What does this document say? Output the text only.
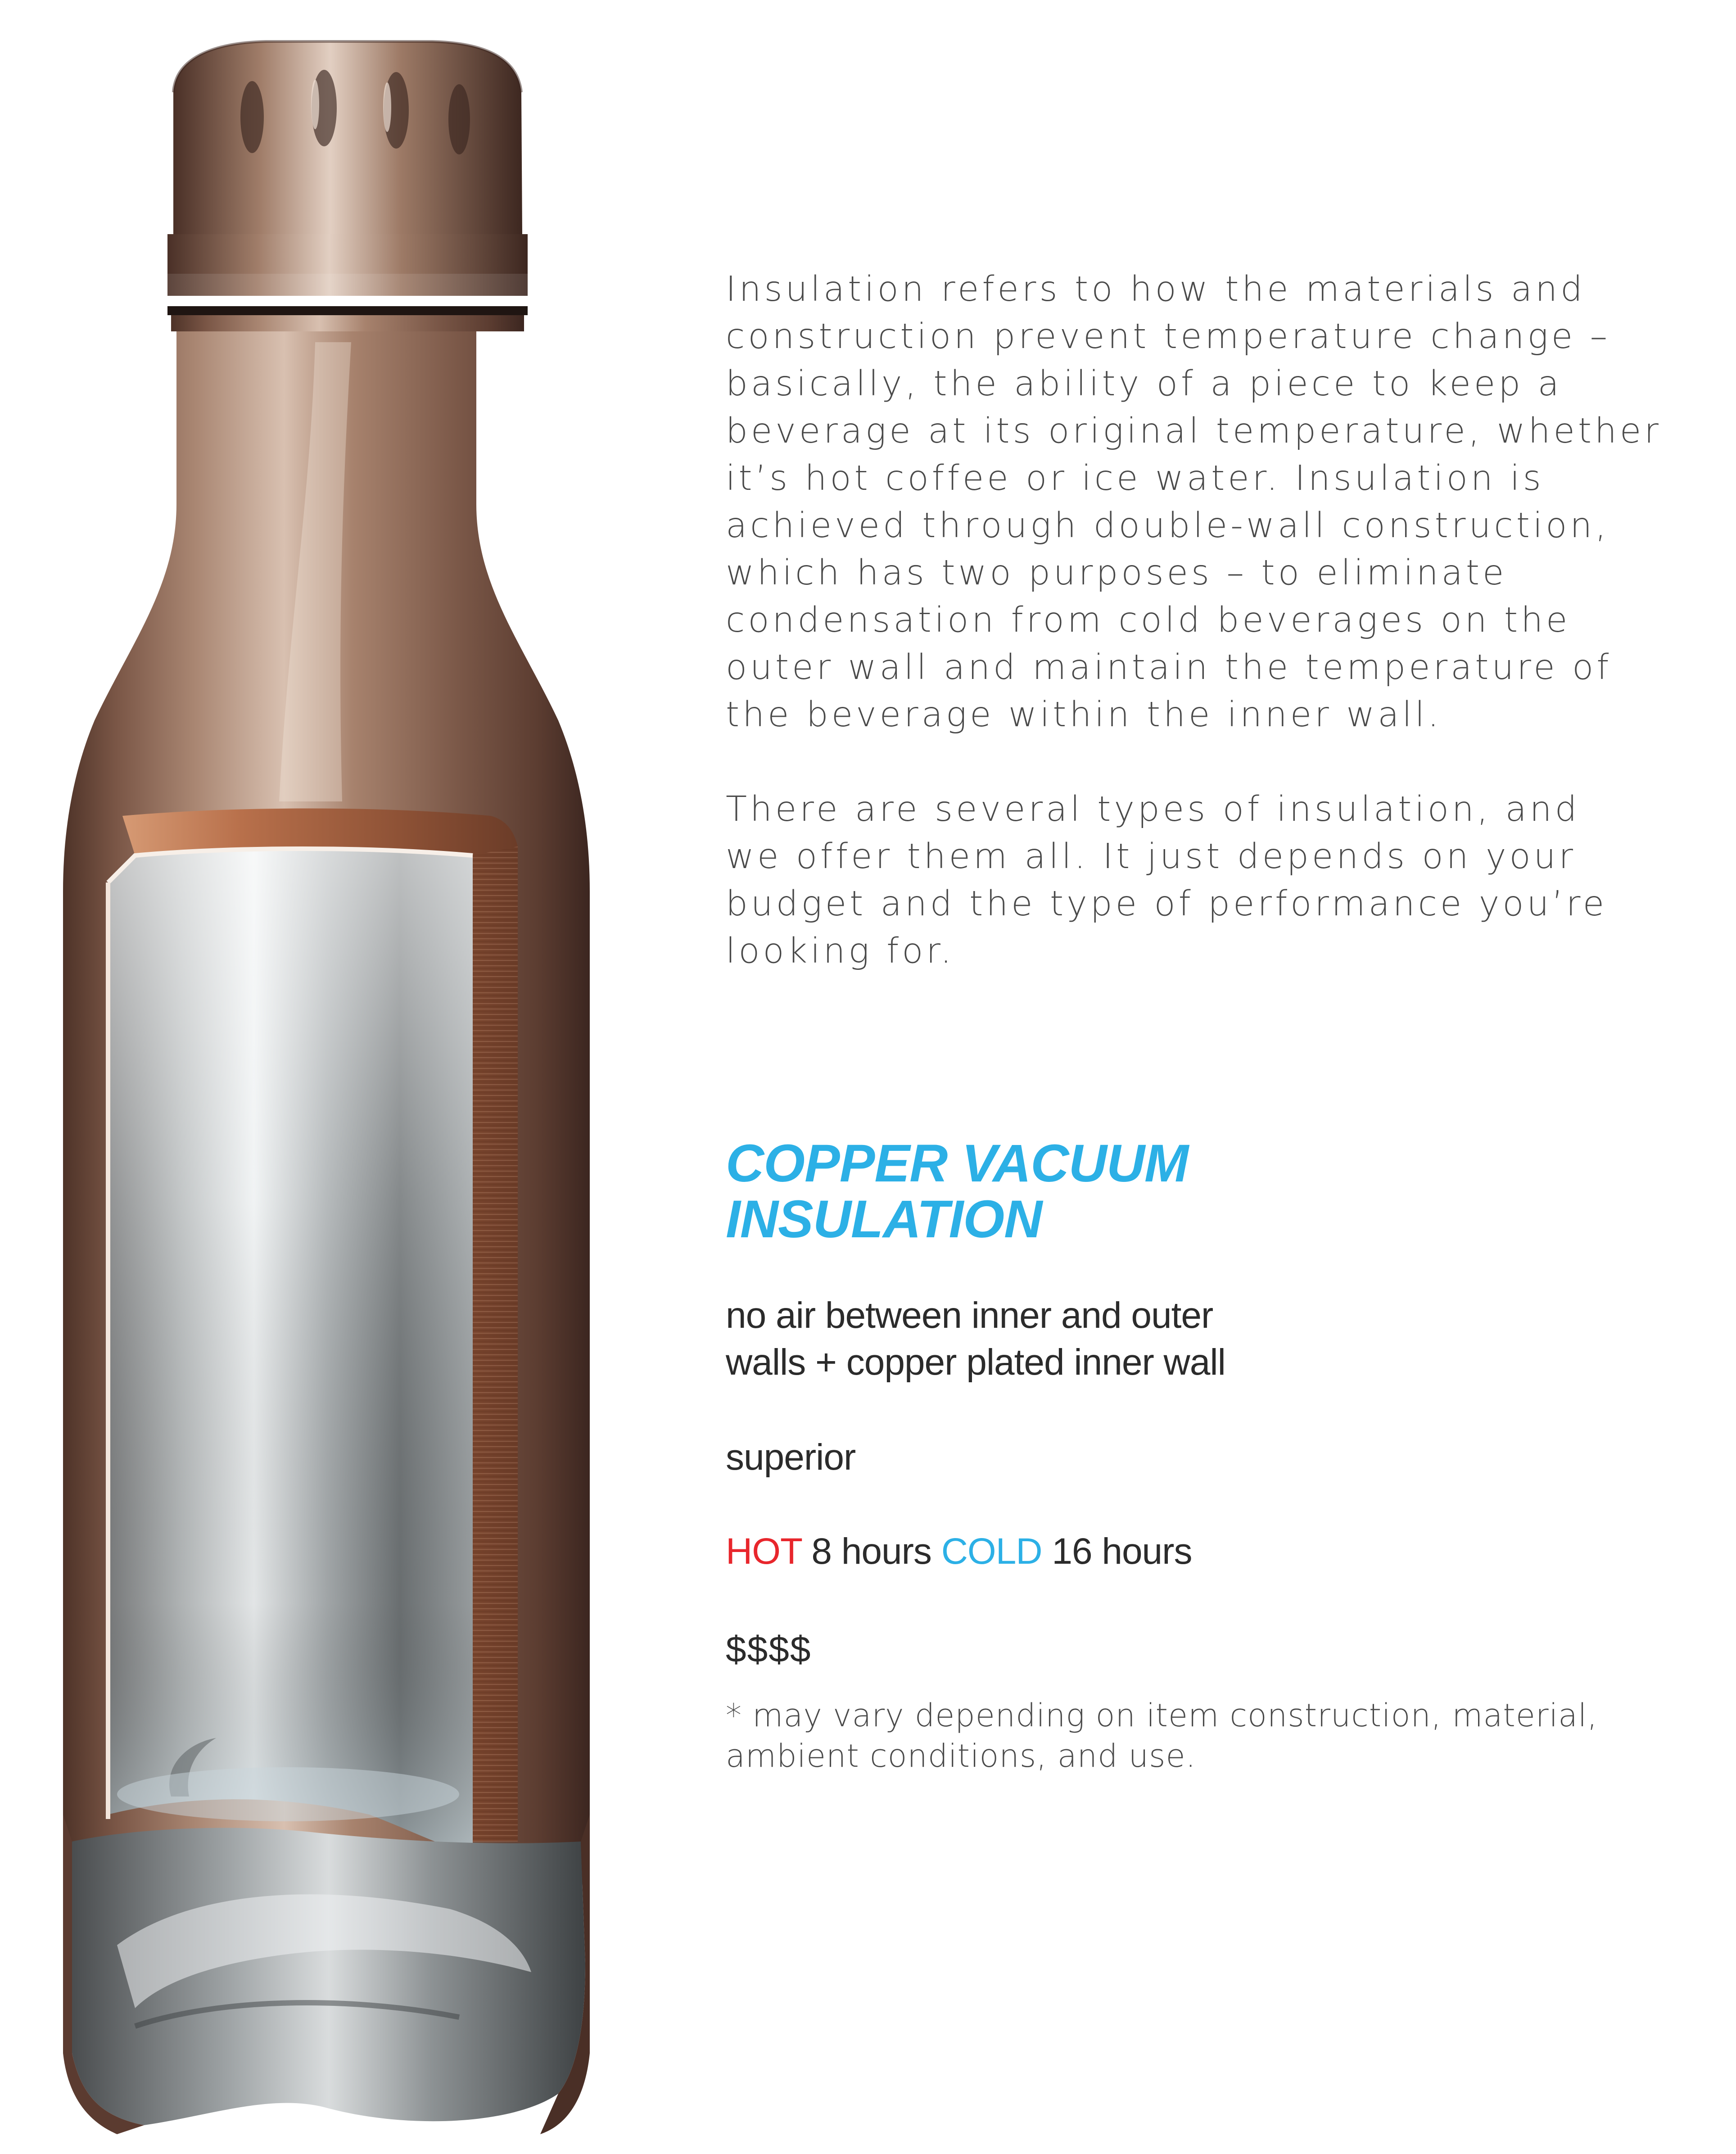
Insulation refers to how the materials and
construction prevent temperature change –
basically, the ability of a piece to keep a
beverage at its original temperature, whether
it’s hot coffee or ice water. Insulation is
achieved through double-wall construction,
which has two purposes – to eliminate
condensation from cold beverages on the
outer wall and maintain the temperature of
the beverage within the inner wall.

There are several types of insulation, and
we offer them all. It just depends on your
budget and the type of performance you’re
looking for.

COPPER VACUUM
INSULATION

no air between inner and outer
walls + copper plated inner wall

superior

HOT 8 hours COLD 16 hours

$$$$

* may vary depending on item construction, material,
ambient conditions, and use.
